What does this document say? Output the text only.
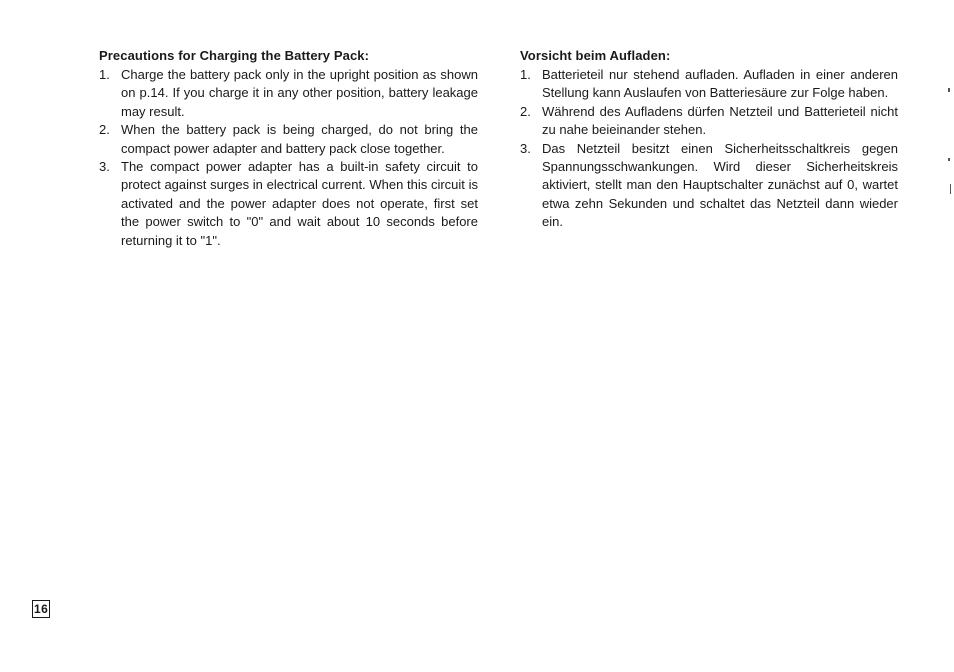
Precautions for Charging the Battery Pack:
1. Charge the battery pack only in the upright position as shown on p.14. If you charge it in any other position, battery leakage may result.
2. When the battery pack is being charged, do not bring the compact power adapter and battery pack close together.
3. The compact power adapter has a built-in safety circuit to protect against surges in electrical current. When this circuit is activated and the power adapter does not operate, first set the power switch to "0" and wait about 10 seconds before returning it to "1".
Vorsicht beim Aufladen:
1. Batterieteil nur stehend aufladen. Aufladen in einer anderen Stellung kann Auslaufen von Batteriesäure zur Folge haben.
2. Während des Aufladens dürfen Netzteil und Batterieteil nicht zu nahe beieinander stehen.
3. Das Netzteil besitzt einen Sicherheitsschaltkreis gegen Spannungsschwankungen. Wird dieser Sicherheitskreis aktiviert, stellt man den Hauptschalter zunächst auf 0, wartet etwa zehn Sekunden und schaltet das Netzteil dann wieder ein.
16
